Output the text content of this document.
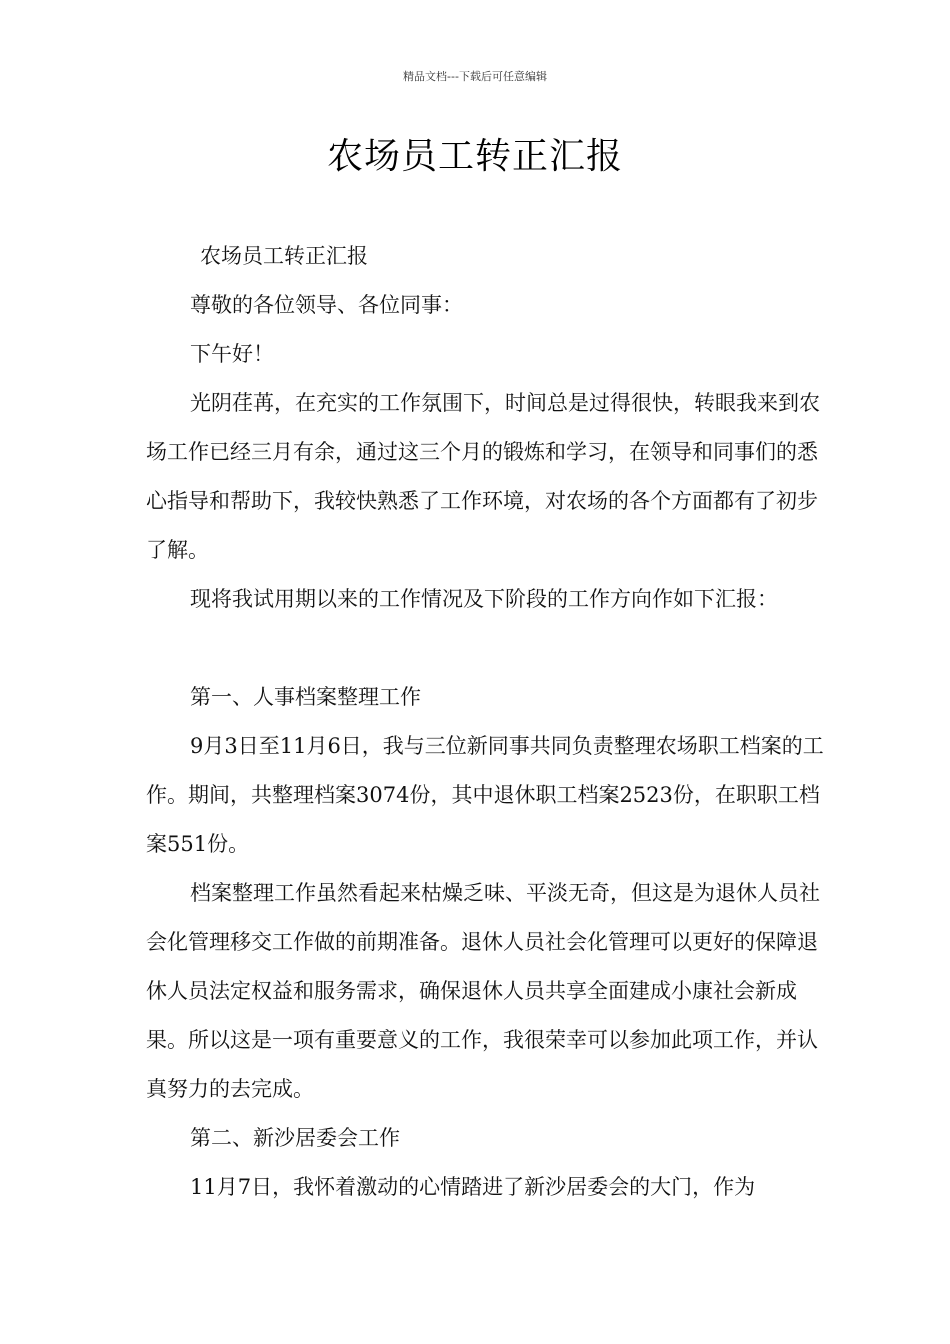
精品文档---下载后可任意编辑
农场员工转正汇报

农场员工转正汇报

尊敬的各位领导、各位同事：

下午好！

光阴荏苒，在充实的工作氛围下，时间总是过得很快，转眼我来到农场工作已经三月有余，通过这三个月的锻炼和学习，在领导和同事们的悉心指导和帮助下，我较快熟悉了工作环境，对农场的各个方面都有了初步了解。

现将我试用期以来的工作情况及下阶段的工作方向作如下汇报：

第一、人事档案整理工作

9月3日至11月6日，我与三位新同事共同负责整理农场职工档案的工作。期间，共整理档案3074份，其中退休职工档案2523份，在职职工档案551份。

档案整理工作虽然看起来枯燥乏味、平淡无奇，但这是为退休人员社会化管理移交工作做的前期准备。退休人员社会化管理可以更好的保障退休人员法定权益和服务需求，确保退休人员共享全面建成小康社会新成果。所以这是一项有重要意义的工作，我很荣幸可以参加此项工作，并认真努力的去完成。

第二、新沙居委会工作

11月7日，我怀着激动的心情踏进了新沙居委会的大门，作为
